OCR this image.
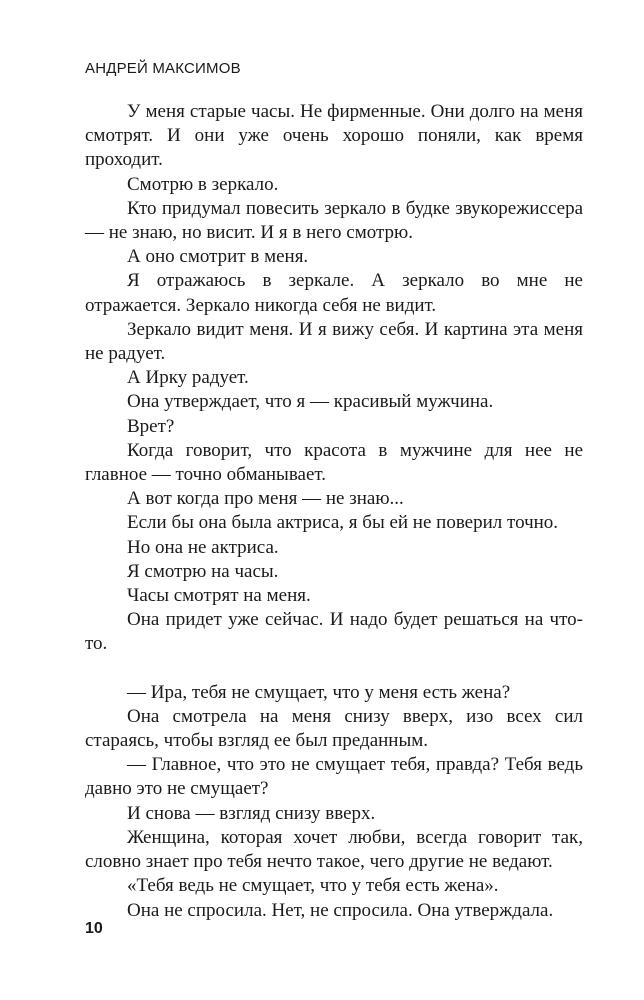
АНДРЕЙ МАКСИМОВ

У меня старые часы. Не фирменные. Они долго на меня смотрят. И они уже очень хорошо поняли, как время проходит.

Смотрю в зеркало.

Кто придумал повесить зеркало в будке звукорежиссера — не знаю, но висит. И я в него смотрю.

А оно смотрит в меня.

Я отражаюсь в зеркале. А зеркало во мне не отражается. Зеркало никогда себя не видит.

Зеркало видит меня. И я вижу себя. И картина эта меня не радует.

А Ирку радует.

Она утверждает, что я — красивый мужчина.

Врет?

Когда говорит, что красота в мужчине для нее не главное — точно обманывает.

А вот когда про меня — не знаю...

Если бы она была актриса, я бы ей не поверил точно.

Но она не актриса.

Я смотрю на часы.

Часы смотрят на меня.

Она придет уже сейчас. И надо будет решаться на что-то.

— Ира, тебя не смущает, что у меня есть жена?

Она смотрела на меня снизу вверх, изо всех сил стараясь, чтобы взгляд ее был преданным.

— Главное, что это не смущает тебя, правда? Тебя ведь давно это не смущает?

И снова — взгляд снизу вверх.

Женщина, которая хочет любви, всегда говорит так, словно знает про тебя нечто такое, чего другие не ведают.

«Тебя ведь не смущает, что у тебя есть жена».

Она не спросила. Нет, не спросила. Она утверждала.

10
